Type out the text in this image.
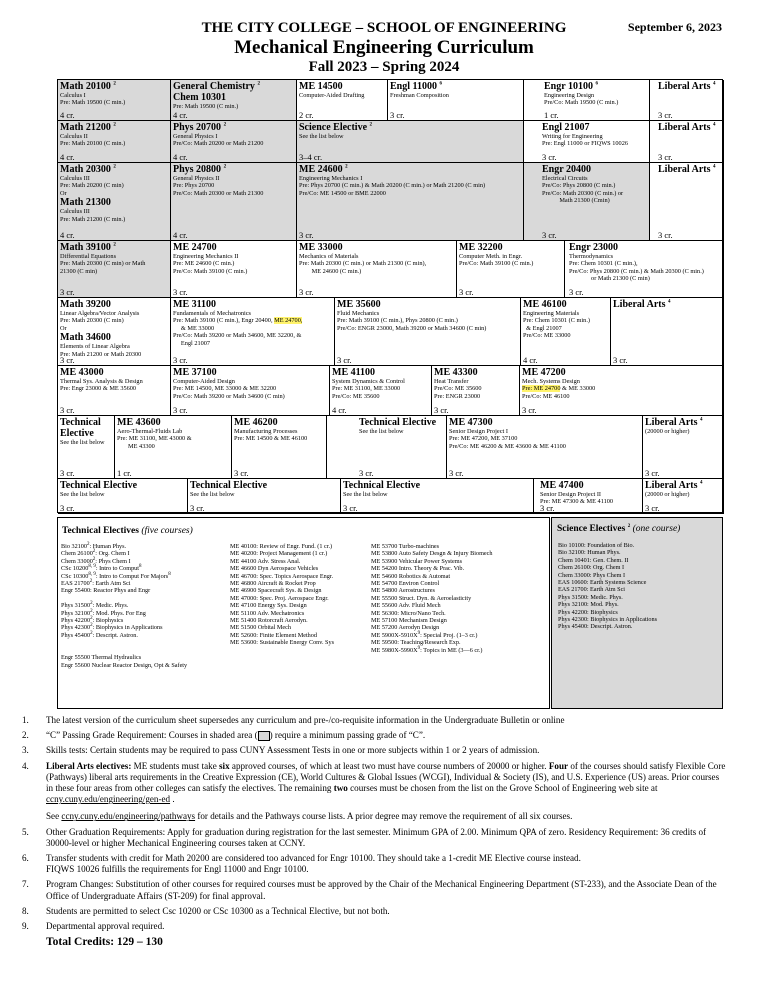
THE CITY COLLEGE – SCHOOL OF ENGINEERING	September 6, 2023
Mechanical Engineering Curriculum
Fall 2023 – Spring 2024
Math 20100 $^2$
Calculus I
Pre: Math 19500 (C min.)
4 cr.
General Chemistry $^2$
Chem 10301
Pre: Math 19500 (C min.)
4 cr.
ME 14500
Computer-Aided Drafting
2 cr.
Engl 11000 $^6$
Freshman Composition
3 cr.
Engr 10100 $^6$
Engineering Design
Pre/Co: Math 19500 (C min.)
1 cr.
Liberal Arts $^4$
3 cr.
Math 21200 $^2$
Calculus II
Pre: Math 20100 (C min.)
4 cr.
Phys 20700 $^2$
General Physics I
Pre/Co: Math 20200 or Math 21200
4 cr.
Science Elective $^2$
See the list below
3–4 cr.
Engl 21007
Writing for Engineering
Pre: Engl 11000 or FIQWS 10026
3 cr.
Liberal Arts $^4$
3 cr.
Math 20300 $^2$
Calculus III
Pre: Math 20200 (C min)
Or
Math 21300
Calculus III
Pre: Math 21200 (C min.)
4 cr.
Phys 20800 $^2$
General Physics II
Pre: Phys 20700
Pre/Co: Math 20300 or Math 21300
4 cr.
ME 24600 $^2$
Engineering Mechanics I
Pre: Phys 20700 (C min.) & Math 20200 (C min.) or Math 21200 (C min)
Pre/Co: ME 14500 or BME 22000
3 cr.
Engr 20400
Electrical Circuits
Pre/Co: Phys 20800 (C min.)
Pre/Co: Math 20300 (C min.) or
Math 21300 (Cmin)
3 cr.
Liberal Arts $^4$
3 cr.
Math 39100 $^2$
Differential Equations
Pre: Math 20300 (C min) or Math
21300 (C min)
3 cr.
ME 24700
Engineering Mechanics II
Pre: ME 24600 (C min.)
Pre/Co: Math 39100 (C min.)
3 cr.
ME 33000
Mechanics of Materials
Pre: Math 20300 (C min.) or Math 21300 (C min),
ME 24600 (C min.)
3 cr.
ME 32200
Computer Meth. in Engr.
Pre/Co: Math 39100 (C min.)
3 cr.
Engr 23000
Thermodynamics
Pre: Chem 10301 (C min.),
Pre/Co: Phys 20800 (C min.) & Math 20300 (C min.)
or Math 21300 (C min)
3 cr.
Math 39200
Linear Algebra/Vector Analysis
Pre: Math 20300 (C min)
Or
Math 34600
Elements of Linear Algebra
Pre: Math 21200 or Math 20300
3 cr.
ME 31100
Fundamentals of Mechatronics
Pre: Math 39100 (C min.), Engr 20400, ME 24700,
& ME 33000
Pre/Co: Math 39200 or Math 34600, ME 32200, &
Engl 21007
3 cr.
ME 35600
Fluid Mechanics
Pre: Math 39100 (C min.), Phys 20800 (C min.)
Pre/Co: ENGR 23000, Math 39200 or Math 34600 (C min)
3 cr.
ME 46100
Engineering Materials
Pre: Chem 10301 (C min.)
& Engl 21007
Pre/Co: ME 33000
4 cr.
Liberal Arts $^4$
3 cr.
ME 43000
Thermal Sys. Analysis & Design
Pre: Engr 23000 & ME 35600
3 cr.
ME 37100
Computer-Aided Design
Pre: ME 14500, ME 33000 & ME 32200
Pre/Co: Math 39200 or Math 34600 (C min)
3 cr.
ME 41100
System Dynamics & Control
Pre: ME 31100, ME 33000
Pre/Co: ME 35600
4 cr.
ME 43300
Heat Transfer
Pre/Co: ME 35600
Pre: ENGR 23000
3 cr.
ME 47200
Mech. Systems Design
Pre: ME 24700 & ME 33000
Pre/Co: ME 46100
3 cr.
Technical
Elective
See the list below
3 cr.
ME 43600
Aero-Thermal-Fluids Lab
Pre: ME 31100, ME 43000 &
ME 43300
1 cr.
ME 46200
Manufacturing Processes
Pre: ME 14500 & ME 46100
3 cr.
Technical Elective
See the list below
3 cr.
ME 47300
Senior Design Project I
Pre: ME 47200, ME 37100
Pre/Co: ME 46200 & ME 43600 & ME 41100
3 cr.
Liberal Arts $^4$
(20000 or higher)
3 cr.
Technical Elective
See the list below
3 cr.
Technical Elective
See the list below
3 cr.
Technical Elective
See the list below
3 cr.
ME 47400
Senior Design Project II
Pre: ME 47300 & ME 41100
3 cr.
Liberal Arts $^4$
(20000 or higher)
3 cr.
Technical Electives (five courses)
Bio 32100$^2$: Human Phys.
Chem 26100$^2$: Org. Chem I
Chem 33000$^2$: Phys Chem I
CSc 10200$^{8, 9}$: Intro to Comput$^8$
CSc 10300$^{8, 9}$: Intro to Comput For Majors$^8$
EAS 21700$^2$: Earth Atm Sci
Engr 55400: Reactor Phys and Engr

Phys 31500$^2$: Medic. Phys.
Phys 32100$^2$: Mod. Phys. For Eng
Phys 42200$^2$: Biophysics
Phys 42300$^2$: Biophysics in Applications
Phys 45400$^2$: Descript. Astron.

Engr 55500 Thermal Hydraulics
Engr 55600 Nuclear Reactor Design, Opt & Safety
ME 40100: Review of Engr. Fund. (1 cr.)
ME 40200: Project Management (1 cr.)
ME 44100 Adv. Stress Anal.
ME 46600 Dyn Aerospace Vehicles
ME 46700: Spec. Topics Aerospace Engr.
ME 46800 Aircraft & Rocket Prop
ME 46900 Spacecraft Sys. & Design
ME 47000: Spec. Proj. Aerospace Engr.
ME 47100 Energy Sys. Design
ME 51100 Adv. Mechatronics
ME 51400 Rotorcraft Aerodyn.
ME 51500 Orbital Mech
ME 52600: Finite Element Method
ME 53600: Sustainable Energy Conv. Sys
ME 53700 Turbo-machines
ME 53800 Auto Safety Desgn & Injury Biomech
ME 53900 Vehicular Power Systems
ME 54200 Intro. Theory & Prac. Vib.
ME 54600 Robotics & Automat
ME 54700 Environ Control
ME 54800 Aerostructures
ME 55500 Struct. Dyn. & Aeroelasticity
ME 55600 Adv. Fluid Mech
ME 56300: Micro/Nano Tech.
ME 57100 Mechanism Design
ME 57200 Aerodyn Design
ME $5900X-5910X^9$: Special Proj. (1–3 cr.)
ME 59500: Teaching/Research Exp.
ME $5980X-5990X^9$: Topics in ME (3—6 cr.)
Science Electives $^2$ (one course)
Bio 10100: Foundation of Bio.
Bio 32100: Human Phys.
Chem 10401: Gen. Chem. II
Chem 26100: Org. Chem I
Chem 33000: Phys Chem I
EAS 10600: Earth Systems Science
EAS 21700: Earth Atm Sci
Phys 31500: Medic. Phys.
Phys 32100: Mod. Phys.
Phys 42200: Biophysics
Phys 42300: Biophysics in Applications
Phys 45400: Descript. Astron.
1. The latest version of the curriculum sheet supersedes any curriculum and pre-/co-requisite information in the Undergraduate Bulletin or online
2. “C” Passing Grade Requirement: Courses in shaded area ( ) require a minimum passing grade of “C”.
3. Skills tests: Certain students may be required to pass CUNY Assessment Tests in one or more subjects within 1 or 2 years of admission.
4. Liberal Arts electives: ME students must take six approved courses, of which at least two must have course numbers of 20000 or higher. Four of the courses should satisfy Flexible Core (Pathways) liberal arts requirements in the Creative Expression (CE), World Cultures & Global Issues (WCGI), Individual & Society (IS), and U.S. Experience (US) areas. Prior courses in these four areas from other colleges can satisfy the electives. The remaining two courses must be chosen from the list on the Grove School of Engineering web site at ccny.cuny.edu/engineering/gen-ed .
See ccny.cuny.edu/engineering/pathways for details and the Pathways course lists. A prior degree may remove the requirement of all six courses.
5. Other Graduation Requirements: Apply for graduation during registration for the last semester. Minimum GPA of 2.00. Minimum QPA of zero. Residency Requirement: 36 credits of 30000-level or higher Mechanical Engineering courses taken at CCNY.
6. Transfer students with credit for Math 20200 are considered too advanced for Engr 10100. They should take a 1-credit ME Elective course instead.
FIQWS 10026 fulfills the requirements for Engl 11000 and Engr 10100.
7. Program Changes: Substitution of other courses for required courses must be approved by the Chair of the Mechanical Engineering Department (ST-233), and the Associate Dean of the Office of Undergraduate Affairs (ST-209) for final approval.
8. Students are permitted to select Csc 10200 or CSc 10300 as a Technical Elective, but not both.
9. Departmental approval required.
Total Credits: 129 – 130
